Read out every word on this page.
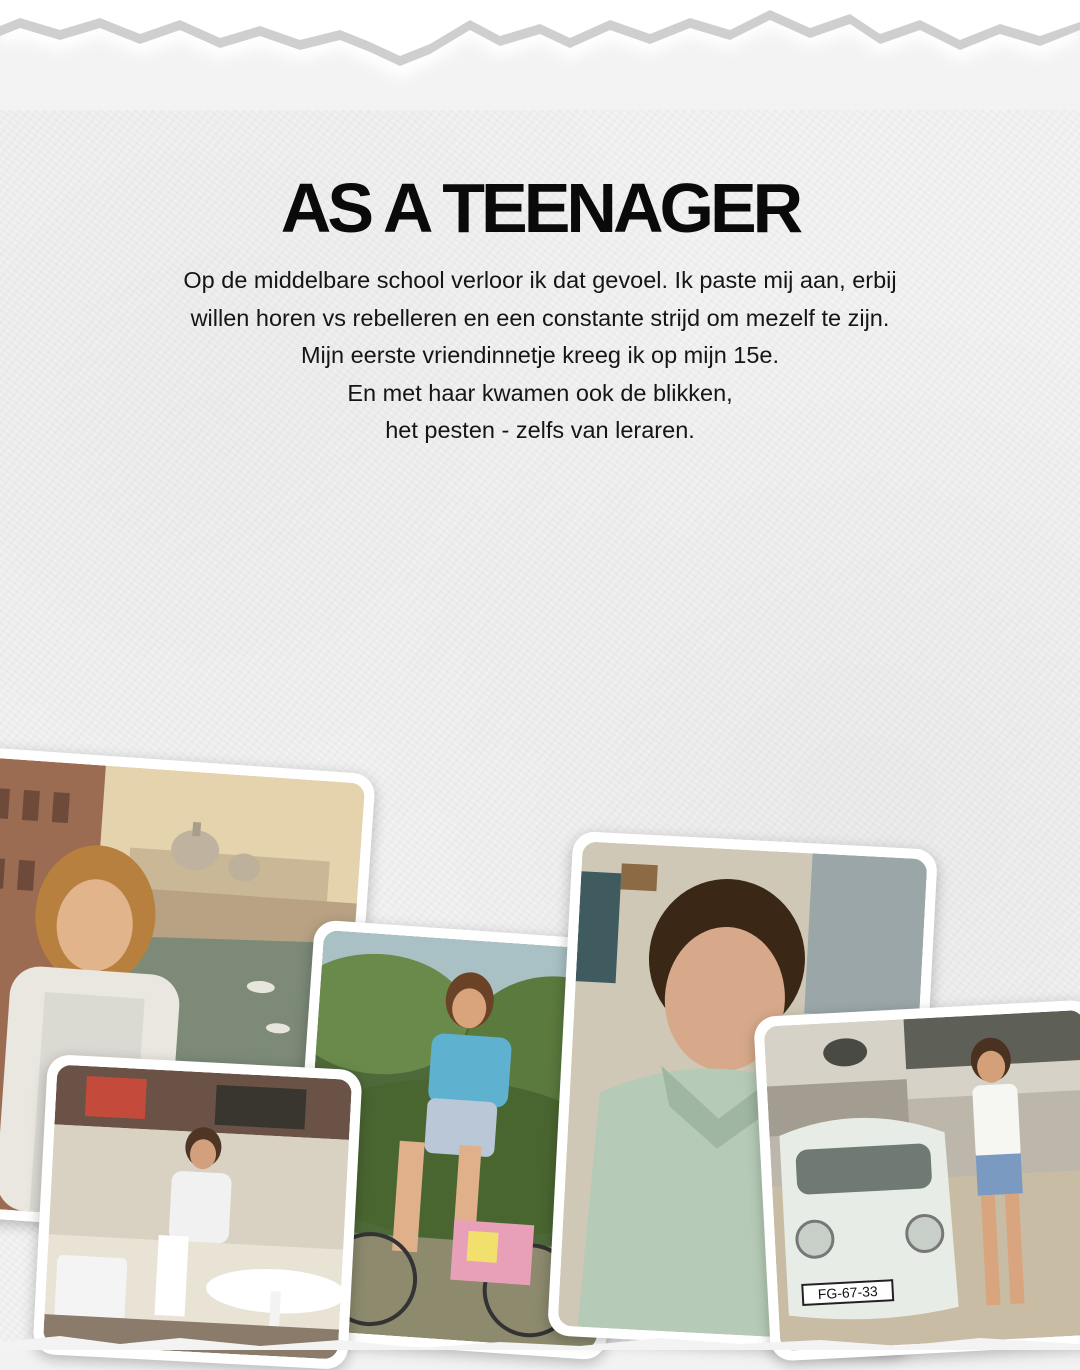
AS A TEENAGER
Op de middelbare school verloor ik dat gevoel. Ik paste mij aan, erbij
willen horen vs rebelleren en een constante strijd om mezelf te zijn.
Mijn eerste vriendinnetje kreeg ik op mijn 15e.
En met haar kwamen ook de blikken,
het pesten - zelfs van leraren.
FG-67-33
